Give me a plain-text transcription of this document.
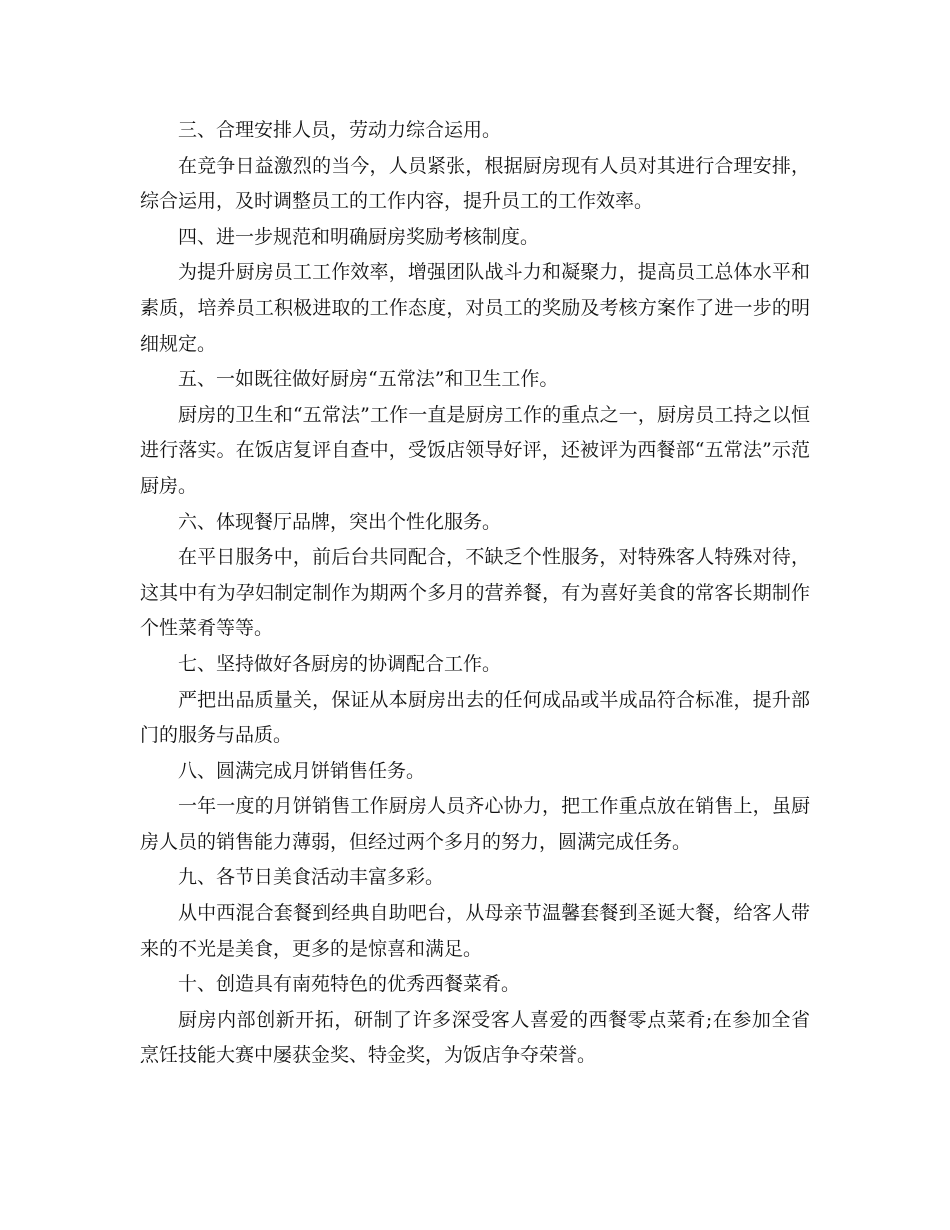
三、合理安排人员，劳动力综合运用。

在竞争日益激烈的当今，人员紧张，根据厨房现有人员对其进行合理安排，综合运用，及时调整员工的工作内容，提升员工的工作效率。

四、进一步规范和明确厨房奖励考核制度。

为提升厨房员工工作效率，增强团队战斗力和凝聚力，提高员工总体水平和素质，培养员工积极进取的工作态度，对员工的奖励及考核方案作了进一步的明细规定。

五、一如既往做好厨房“五常法”和卫生工作。

厨房的卫生和“五常法”工作一直是厨房工作的重点之一，厨房员工持之以恒进行落实。在饭店复评自查中，受饭店领导好评，还被评为西餐部“五常法”示范厨房。

六、体现餐厅品牌，突出个性化服务。

在平日服务中，前后台共同配合，不缺乏个性服务，对特殊客人特殊对待，这其中有为孕妇制定制作为期两个多月的营养餐，有为喜好美食的常客长期制作个性菜肴等等。

七、坚持做好各厨房的协调配合工作。

严把出品质量关，保证从本厨房出去的任何成品或半成品符合标准，提升部门的服务与品质。

八、圆满完成月饼销售任务。

一年一度的月饼销售工作厨房人员齐心协力，把工作重点放在销售上，虽厨房人员的销售能力薄弱，但经过两个多月的努力，圆满完成任务。

九、各节日美食活动丰富多彩。

从中西混合套餐到经典自助吧台，从母亲节温馨套餐到圣诞大餐，给客人带来的不光是美食，更多的是惊喜和满足。

十、创造具有南苑特色的优秀西餐菜肴。

厨房内部创新开拓，研制了许多深受客人喜爱的西餐零点菜肴;在参加全省烹饪技能大赛中屡获金奖、特金奖，为饭店争夺荣誉。
